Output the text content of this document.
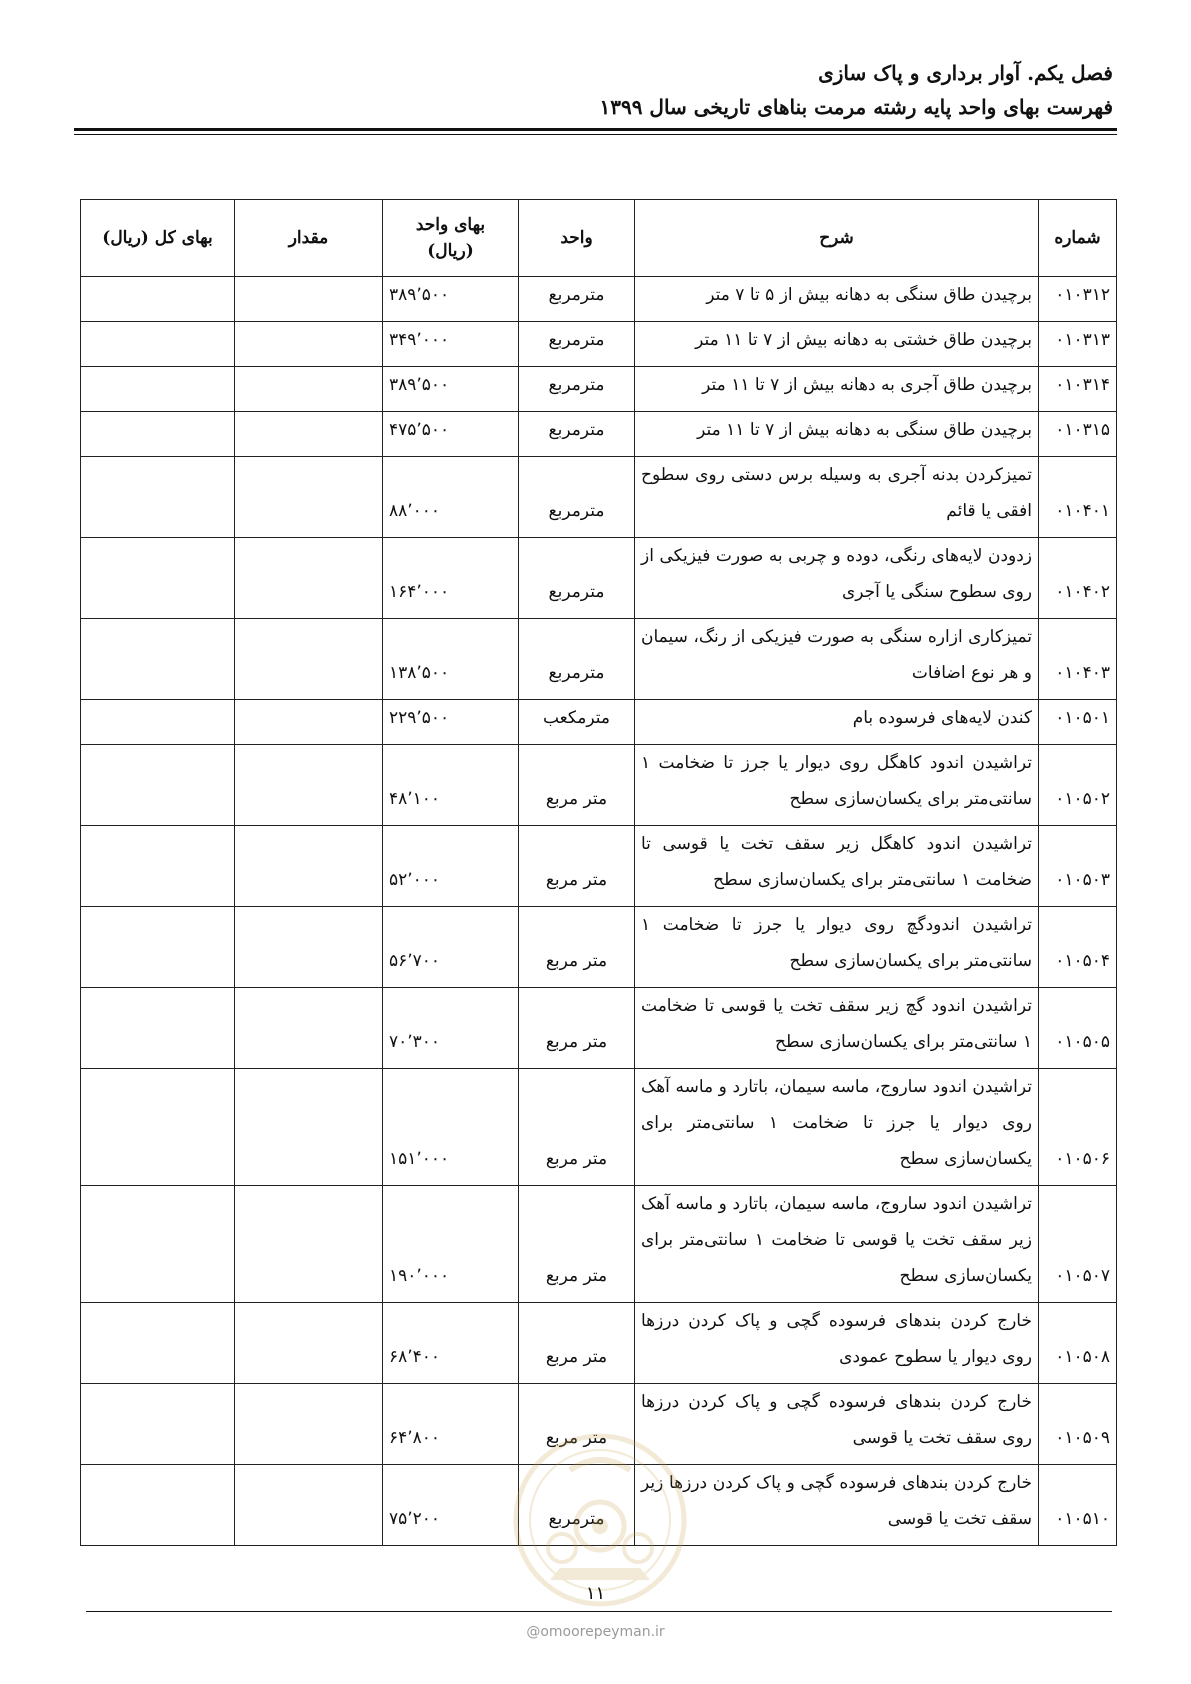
فصل یکم. آوار برداری و پاک سازی
فهرست بهای واحد پایه رشته مرمت بناهای تاریخی سال ۱۳۹۹
شماره	شرح	واحد	بهای واحد (ریال)	مقدار	بهای کل (ریال)
۰۱۰۳۱۲	برچیدن طاق سنگی به دهانه بیش از ۵ تا ۷ متر	مترمربع	۳۸۹٬۵۰۰		
۰۱۰۳۱۳	برچیدن طاق خشتی به دهانه بیش از ۷ تا ۱۱ متر	مترمربع	۳۴۹٬۰۰۰		
۰۱۰۳۱۴	برچیدن طاق آجری به دهانه بیش از ۷ تا ۱۱ متر	مترمربع	۳۸۹٬۵۰۰		
۰۱۰۳۱۵	برچیدن طاق سنگی به دهانه بیش از ۷ تا ۱۱ متر	مترمربع	۴۷۵٬۵۰۰		
۰۱۰۴۰۱	تمیزکردن بدنه آجری به وسیله برس دستی روی سطوح افقی یا قائم	مترمربع	۸۸٬۰۰۰		
۰۱۰۴۰۲	زدودن لایه‌های رنگی، دوده و چربی به صورت فیزیکی از روی سطوح سنگی یا آجری	مترمربع	۱۶۴٬۰۰۰		
۰۱۰۴۰۳	تمیزکاری ازاره سنگی به صورت فیزیکی از رنگ، سیمان و هر نوع اضافات	مترمربع	۱۳۸٬۵۰۰		
۰۱۰۵۰۱	کندن لایه‌های فرسوده بام	مترمکعب	۲۲۹٬۵۰۰		
۰۱۰۵۰۲	تراشیدن اندود کاهگل روی دیوار یا جرز تا ضخامت ۱ سانتی‌متر برای یکسان‌سازی سطح	متر مربع	۴۸٬۱۰۰		
۰۱۰۵۰۳	تراشیدن اندود کاهگل زیر سقف تخت یا قوسی تا ضخامت ۱ سانتی‌متر برای یکسان‌سازی سطح	متر مربع	۵۲٬۰۰۰		
۰۱۰۵۰۴	تراشیدن اندودگچ روی دیوار یا جرز تا ضخامت ۱ سانتی‌متر برای یکسان‌سازی سطح	متر مربع	۵۶٬۷۰۰		
۰۱۰۵۰۵	تراشیدن اندود گچ زیر سقف تخت یا قوسی تا ضخامت ۱ سانتی‌متر برای یکسان‌سازی سطح	متر مربع	۷۰٬۳۰۰		
۰۱۰۵۰۶	تراشیدن اندود ساروج، ماسه سیمان، باتارد و ماسه آهک روی دیوار یا جرز تا ضخامت ۱ سانتی‌متر برای یکسان‌سازی سطح	متر مربع	۱۵۱٬۰۰۰		
۰۱۰۵۰۷	تراشیدن اندود ساروج، ماسه سیمان، باتارد و ماسه آهک زیر سقف تخت یا قوسی تا ضخامت ۱ سانتی‌متر برای یکسان‌سازی سطح	متر مربع	۱۹۰٬۰۰۰		
۰۱۰۵۰۸	خارج کردن بندهای فرسوده گچی و پاک کردن درزها روی دیوار یا سطوح عمودی	متر مربع	۶۸٬۴۰۰		
۰۱۰۵۰۹	خارج کردن بندهای فرسوده گچی و پاک کردن درزها روی سقف تخت یا قوسی	متر مربع	۶۴٬۸۰۰		
۰۱۰۵۱۰	خارج کردن بندهای فرسوده گچی و پاک کردن درزها زیر سقف تخت یا قوسی	مترمربع	۷۵٬۲۰۰		
۱۱
@omoorepeyman.ir
